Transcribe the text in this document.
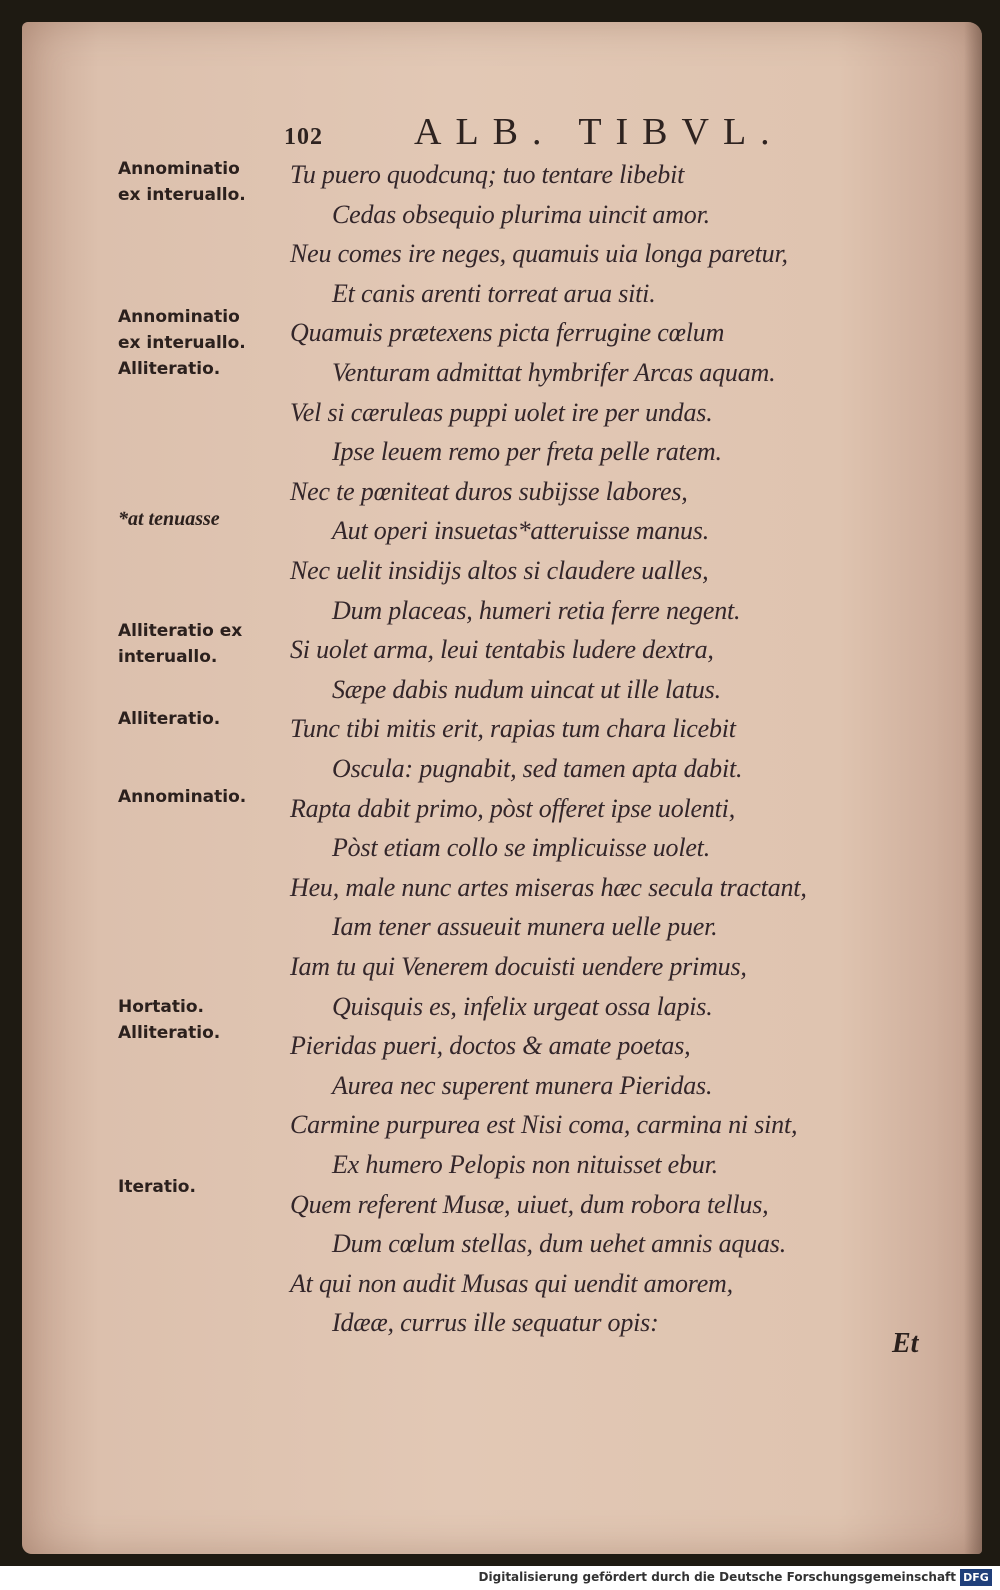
102 ALB. TIBVL.
Annominatio
ex interuallo.
Annominatio
ex interuallo.
Alliteratio.
*at tenuasse
Alliteratio ex
interuallo.
Alliteratio.
Annominatio.
Hortatio.
Alliteratio.
Iteratio.
Tu puero quodcunq; tuo tentare libebit
Cedas obsequio plurima uincit amor.
Neu comes ire neges, quamuis uia longa paretur,
Et canis arenti torreat arua siti.
Quamuis prætexens picta ferrugine cœlum
Venturam admittat hymbrifer Arcas aquam.
Vel si cæruleas puppi uolet ire per undas.
Ipse leuem remo per freta pelle ratem.
Nec te pœniteat duros subijsse labores,
Aut operi insuetas*atteruisse manus.
Nec uelit insidijs altos si claudere ualles,
Dum placeas, humeri retia ferre negent.
Si uolet arma, leui tentabis ludere dextra,
Sæpe dabis nudum uincat ut ille latus.
Tunc tibi mitis erit, rapias tum chara licebit
Oscula: pugnabit, sed tamen apta dabit.
Rapta dabit primo, pòst offeret ipse uolenti,
Pòst etiam collo se implicuisse uolet.
Heu, male nunc artes miseras hæc secula tractant,
Iam tener assueuit munera uelle puer.
Iam tu qui Venerem docuisti uendere primus,
Quisquis es, infelix urgeat ossa lapis.
Pieridas pueri, doctos & amate poetas,
Aurea nec superent munera Pieridas.
Carmine purpurea est Nisi coma, carmina ni sint,
Ex humero Pelopis non nituisset ebur.
Quem referent Musæ, uiuet, dum robora tellus,
Dum cœlum stellas, dum uehet amnis aquas.
At qui non audit Musas qui uendit amorem,
Idææ, currus ille sequatur opis:
Et
Digitalisierung gefördert durch die Deutsche Forschungsgemeinschaft DFG
